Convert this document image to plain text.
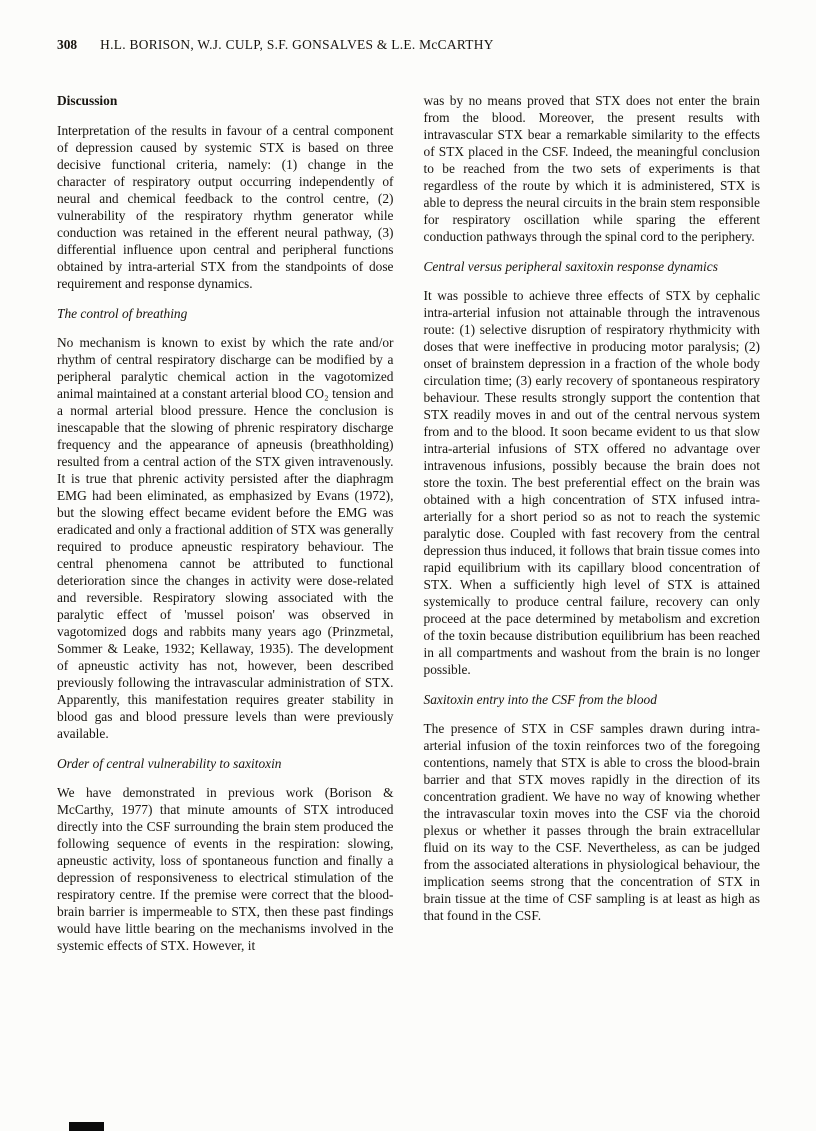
308 H.L. BORISON, W.J. CULP, S.F. GONSALVES & L.E. McCARTHY
Discussion

Interpretation of the results in favour of a central component of depression caused by systemic STX is based on three decisive functional criteria, namely: (1) change in the character of respiratory output occurring independently of neural and chemical feedback to the control centre, (2) vulnerability of the respiratory rhythm generator while conduction was retained in the efferent neural pathway, (3) differential influence upon central and peripheral functions obtained by intra-arterial STX from the standpoints of dose requirement and response dynamics.

The control of breathing

No mechanism is known to exist by which the rate and/or rhythm of central respiratory discharge can be modified by a peripheral paralytic chemical action in the vagotomized animal maintained at a constant arterial blood CO₂ tension and a normal arterial blood pressure. Hence the conclusion is inescapable that the slowing of phrenic respiratory discharge frequency and the appearance of apneusis (breathholding) resulted from a central action of the STX given intravenously. It is true that phrenic activity persisted after the diaphragm EMG had been eliminated, as emphasized by Evans (1972), but the slowing effect became evident before the EMG was eradicated and only a fractional addition of STX was generally required to produce apneustic respiratory behaviour. The central phenomena cannot be attributed to functional deterioration since the changes in activity were dose-related and reversible. Respiratory slowing associated with the paralytic effect of 'mussel poison' was observed in vagotomized dogs and rabbits many years ago (Prinzmetal, Sommer & Leake, 1932; Kellaway, 1935). The development of apneustic activity has not, however, been described previously following the intravascular administration of STX. Apparently, this manifestation requires greater stability in blood gas and blood pressure levels than were previously available.

Order of central vulnerability to saxitoxin

We have demonstrated in previous work (Borison & McCarthy, 1977) that minute amounts of STX introduced directly into the CSF surrounding the brain stem produced the following sequence of events in the respiration: slowing, apneustic activity, loss of spontaneous function and finally a depression of responsiveness to electrical stimulation of the respiratory centre. If the premise were correct that the blood-brain barrier is impermeable to STX, then these past findings would have little bearing on the mechanisms involved in the systemic effects of STX. However, it

was by no means proved that STX does not enter the brain from the blood. Moreover, the present results with intravascular STX bear a remarkable similarity to the effects of STX placed in the CSF. Indeed, the meaningful conclusion to be reached from the two sets of experiments is that regardless of the route by which it is administered, STX is able to depress the neural circuits in the brain stem responsible for respiratory oscillation while sparing the efferent conduction pathways through the spinal cord to the periphery.

Central versus peripheral saxitoxin response dynamics

It was possible to achieve three effects of STX by cephalic intra-arterial infusion not attainable through the intravenous route: (1) selective disruption of respiratory rhythmicity with doses that were ineffective in producing motor paralysis; (2) onset of brainstem depression in a fraction of the whole body circulation time; (3) early recovery of spontaneous respiratory behaviour. These results strongly support the contention that STX readily moves in and out of the central nervous system from and to the blood. It soon became evident to us that slow intra-arterial infusions of STX offered no advantage over intravenous infusions, possibly because the brain does not store the toxin. The best preferential effect on the brain was obtained with a high concentration of STX infused intra-arterially for a short period so as not to reach the systemic paralytic dose. Coupled with fast recovery from the central depression thus induced, it follows that brain tissue comes into rapid equilibrium with its capillary blood concentration of STX. When a sufficiently high level of STX is attained systemically to produce central failure, recovery can only proceed at the pace determined by metabolism and excretion of the toxin because distribution equilibrium has been reached in all compartments and washout from the brain is no longer possible.

Saxitoxin entry into the CSF from the blood

The presence of STX in CSF samples drawn during intra-arterial infusion of the toxin reinforces two of the foregoing contentions, namely that STX is able to cross the blood-brain barrier and that STX moves rapidly in the direction of its concentration gradient. We have no way of knowing whether the intravascular toxin moves into the CSF via the choroid plexus or whether it passes through the brain extracellular fluid on its way to the CSF. Nevertheless, as can be judged from the associated alterations in physiological behaviour, the implication seems strong that the concentration of STX in brain tissue at the time of CSF sampling is at least as high as that found in the CSF.
